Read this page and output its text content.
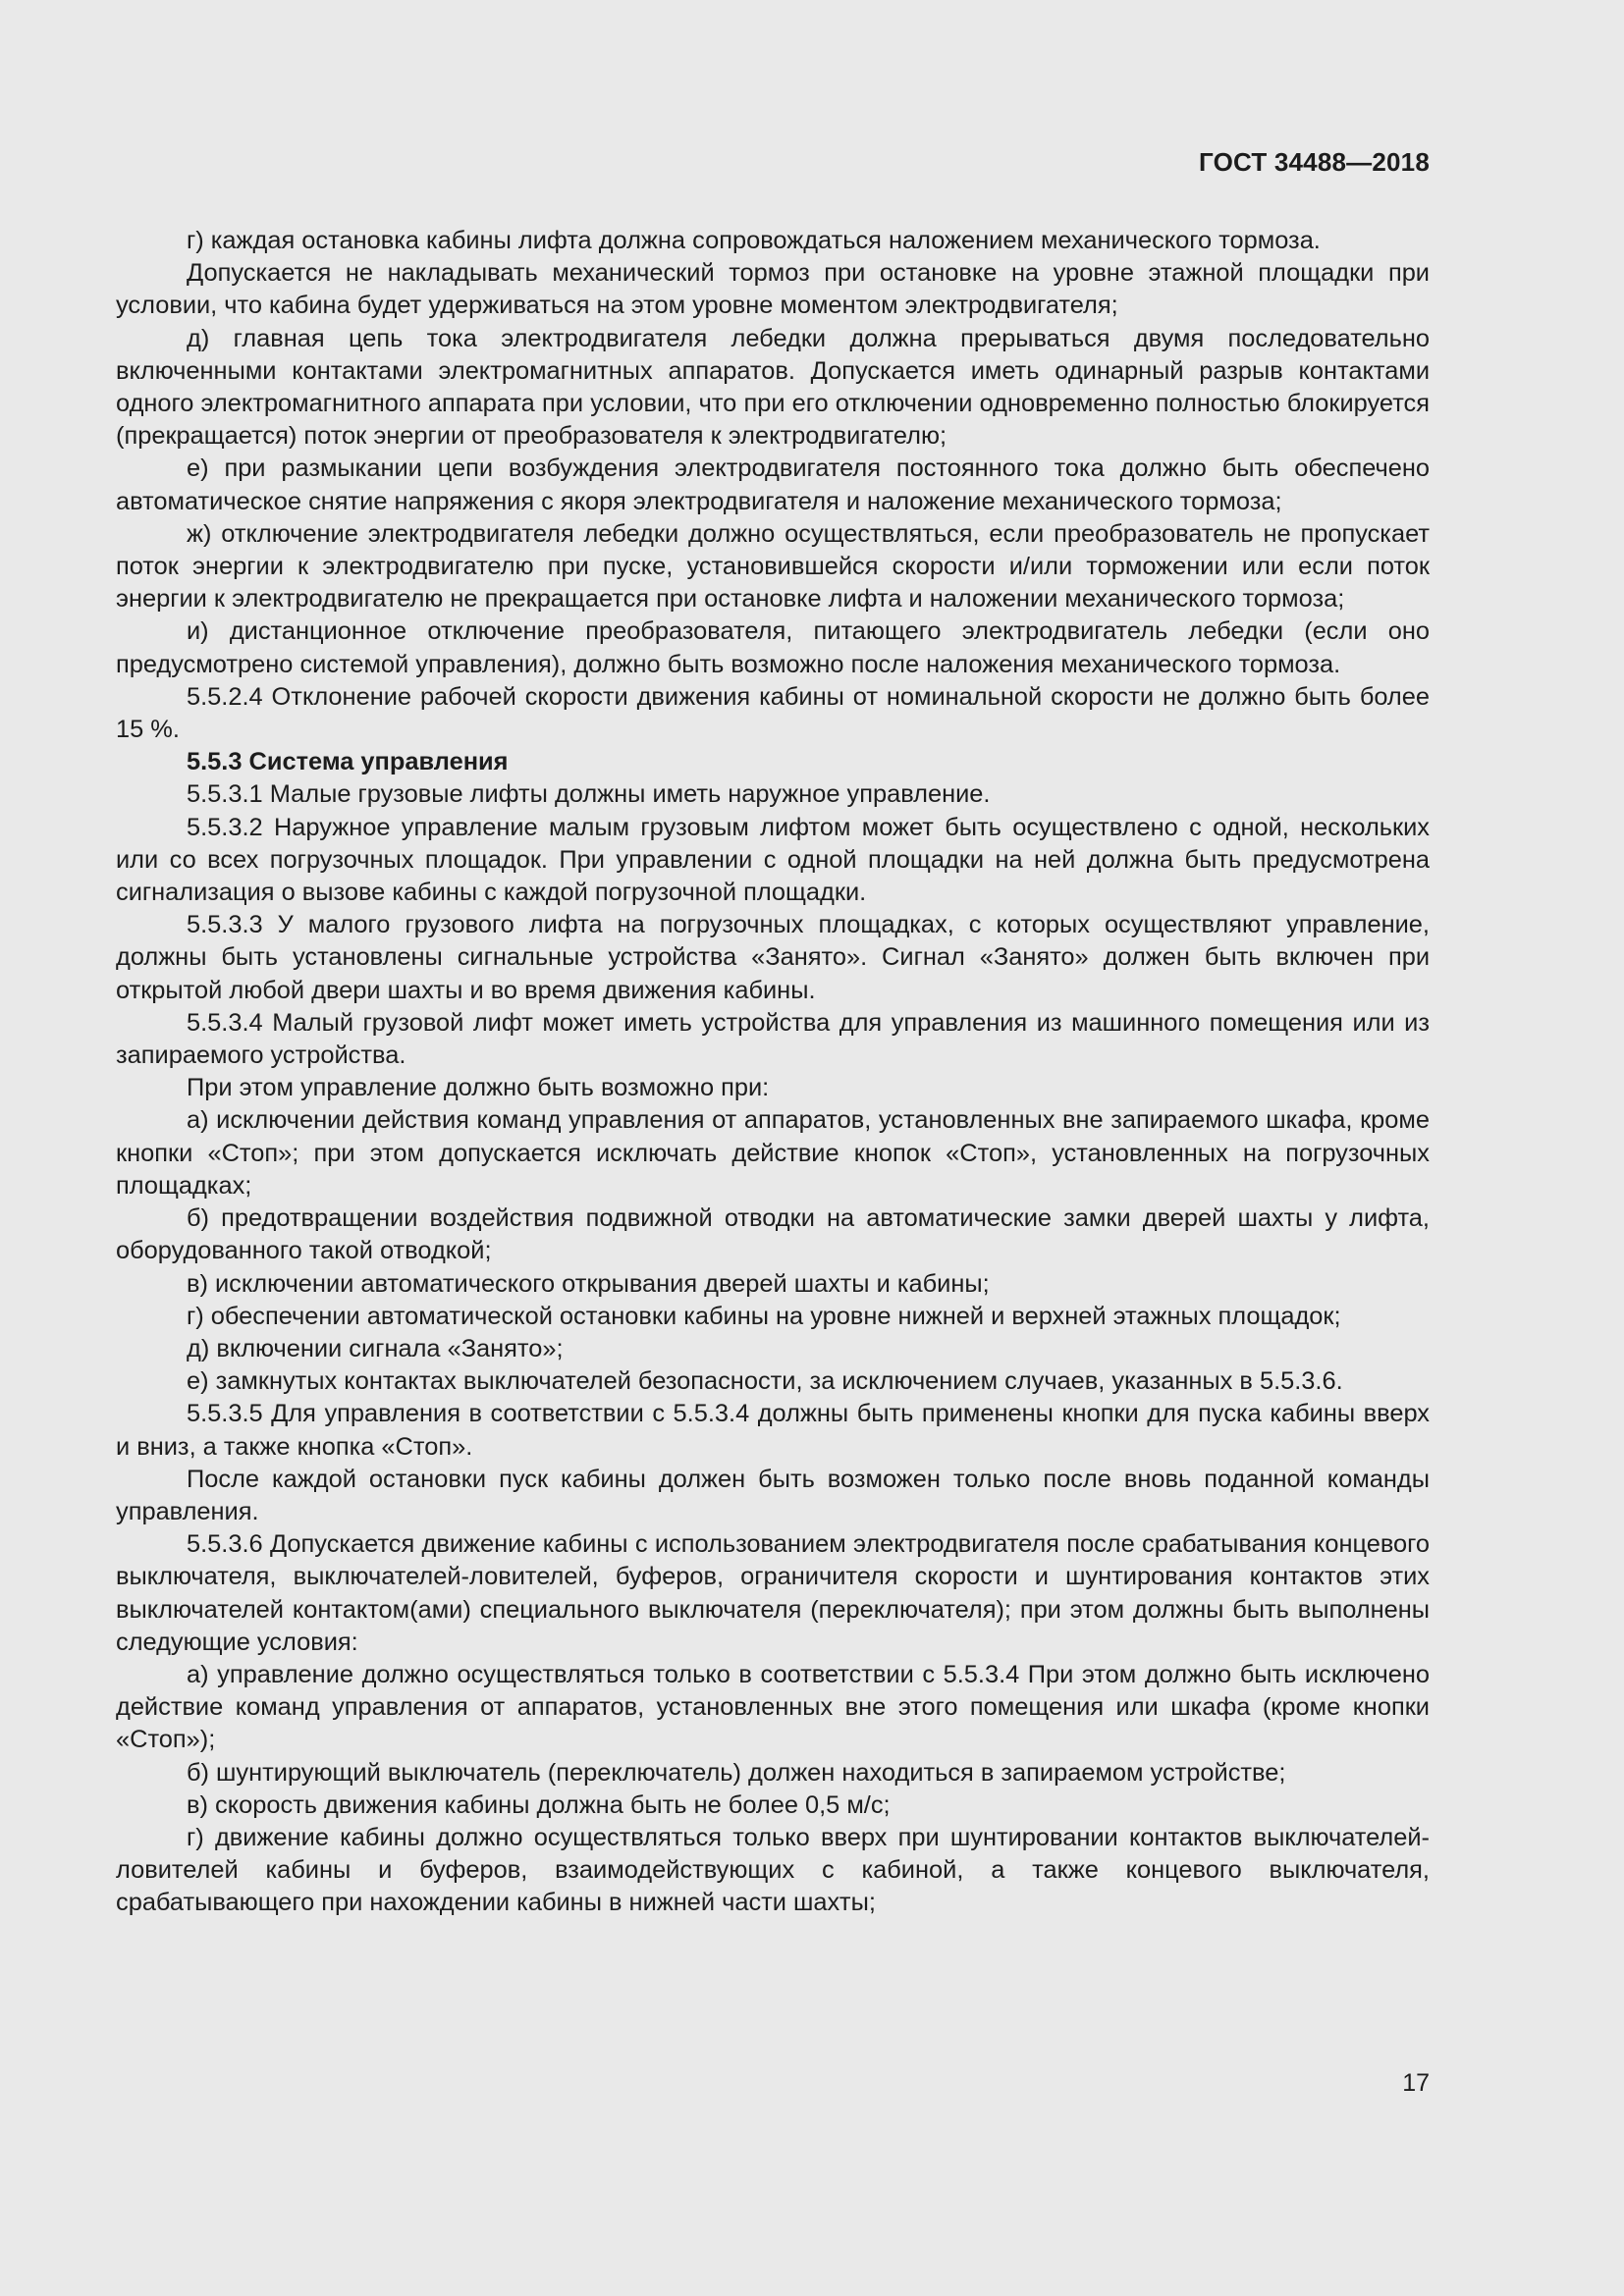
ГОСТ 34488—2018

г) каждая остановка кабины лифта должна сопровождаться наложением механического тормоза.

Допускается не накладывать механический тормоз при остановке на уровне этажной площадки при условии, что кабина будет удерживаться на этом уровне моментом электродвигателя;

д) главная цепь тока электродвигателя лебедки должна прерываться двумя последовательно включенными контактами электромагнитных аппаратов. Допускается иметь одинарный разрыв контактами одного электромагнитного аппарата при условии, что при его отключении одновременно полностью блокируется (прекращается) поток энергии от преобразователя к электродвигателю;

е) при размыкании цепи возбуждения электродвигателя постоянного тока должно быть обеспечено автоматическое снятие напряжения с якоря электродвигателя и наложение механического тормоза;

ж) отключение электродвигателя лебедки должно осуществляться, если преобразователь не пропускает поток энергии к электродвигателю при пуске, установившейся скорости и/или торможении или если поток энергии к электродвигателю не прекращается при остановке лифта и наложении механического тормоза;

и) дистанционное отключение преобразователя, питающего электродвигатель лебедки (если оно предусмотрено системой управления), должно быть возможно после наложения механического тормоза.

5.5.2.4 Отклонение рабочей скорости движения кабины от номинальной скорости не должно быть более 15 %.

5.5.3 Система управления

5.5.3.1 Малые грузовые лифты должны иметь наружное управление.

5.5.3.2 Наружное управление малым грузовым лифтом может быть осуществлено с одной, нескольких или со всех погрузочных площадок. При управлении с одной площадки на ней должна быть предусмотрена сигнализация о вызове кабины с каждой погрузочной площадки.

5.5.3.3 У малого грузового лифта на погрузочных площадках, с которых осуществляют управление, должны быть установлены сигнальные устройства «Занято». Сигнал «Занято» должен быть включен при открытой любой двери шахты и во время движения кабины.

5.5.3.4 Малый грузовой лифт может иметь устройства для управления из машинного помещения или из запираемого устройства.

При этом управление должно быть возможно при:

а) исключении действия команд управления от аппаратов, установленных вне запираемого шкафа, кроме кнопки «Стоп»; при этом допускается исключать действие кнопок «Стоп», установленных на погрузочных площадках;

б) предотвращении воздействия подвижной отводки на автоматические замки дверей шахты у лифта, оборудованного такой отводкой;

в) исключении автоматического открывания дверей шахты и кабины;

г) обеспечении автоматической остановки кабины на уровне нижней и верхней этажных площадок;

д) включении сигнала «Занято»;

е) замкнутых контактах выключателей безопасности, за исключением случаев, указанных в 5.5.3.6.

5.5.3.5 Для управления в соответствии с 5.5.3.4 должны быть применены кнопки для пуска кабины вверх и вниз, а также кнопка «Стоп».

После каждой остановки пуск кабины должен быть возможен только после вновь поданной команды управления.

5.5.3.6 Допускается движение кабины с использованием электродвигателя после срабатывания концевого выключателя, выключателей-ловителей, буферов, ограничителя скорости и шунтирования контактов этих выключателей контактом(ами) специального выключателя (переключателя); при этом должны быть выполнены следующие условия:

а) управление должно осуществляться только в соответствии с 5.5.3.4 При этом должно быть исключено действие команд управления от аппаратов, установленных вне этого помещения или шкафа (кроме кнопки «Стоп»);

б) шунтирующий выключатель (переключатель) должен находиться в запираемом устройстве;

в) скорость движения кабины должна быть не более 0,5 м/с;

г) движение кабины должно осуществляться только вверх при шунтировании контактов выключателей-ловителей кабины и буферов, взаимодействующих с кабиной, а также концевого выключателя, срабатывающего при нахождении кабины в нижней части шахты;

17
